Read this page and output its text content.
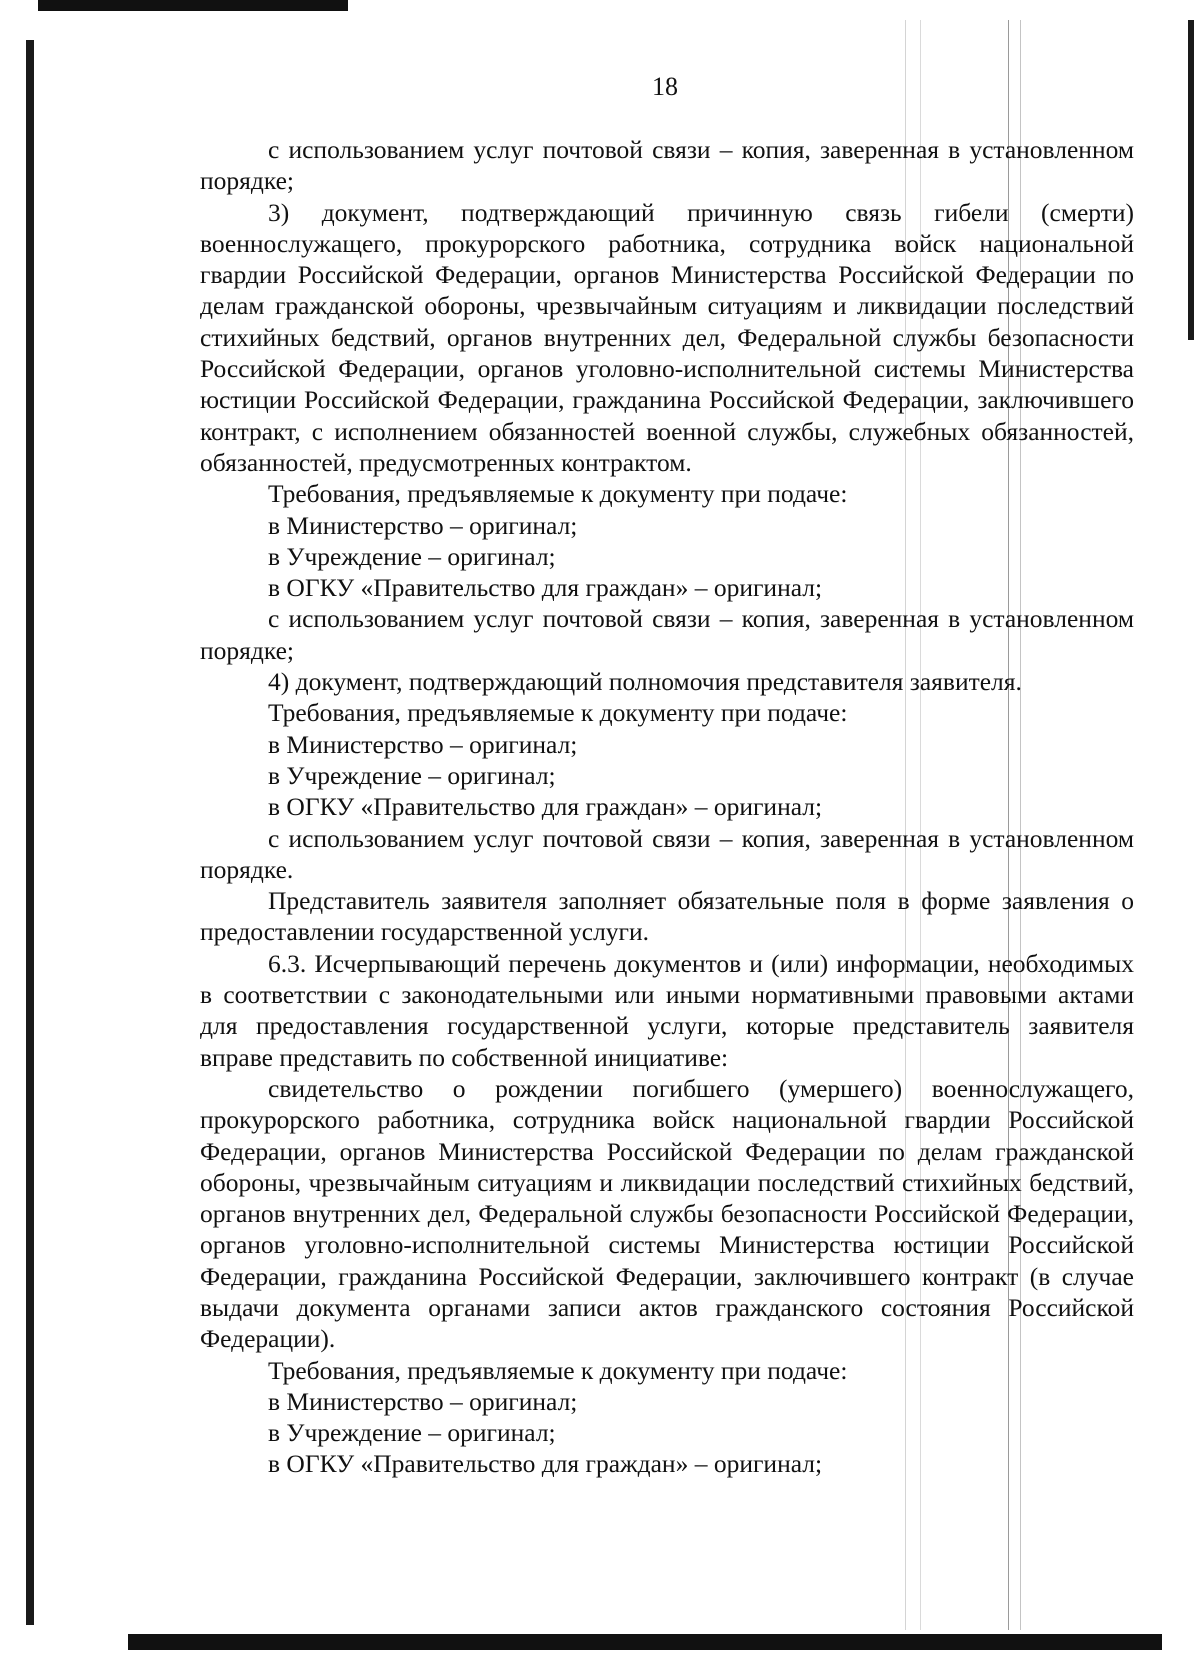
18

с использованием услуг почтовой связи – копия, заверенная в установленном порядке;

3) документ, подтверждающий причинную связь гибели (смерти) военнослужащего, прокурорского работника, сотрудника войск национальной гвардии Российской Федерации, органов Министерства Российской Федерации по делам гражданской обороны, чрезвычайным ситуациям и ликвидации последствий стихийных бедствий, органов внутренних дел, Федеральной службы безопасности Российской Федерации, органов уголовно-исполнительной системы Министерства юстиции Российской Федерации, гражданина Российской Федерации, заключившего контракт, с исполнением обязанностей военной службы, служебных обязанностей, обязанностей, предусмотренных контрактом.

Требования, предъявляемые к документу при подаче:

в Министерство – оригинал;

в Учреждение – оригинал;

в ОГКУ «Правительство для граждан» – оригинал;

с использованием услуг почтовой связи – копия, заверенная в установленном порядке;

4) документ, подтверждающий полномочия представителя заявителя.

Требования, предъявляемые к документу при подаче:

в Министерство – оригинал;

в Учреждение – оригинал;

в ОГКУ «Правительство для граждан» – оригинал;

с использованием услуг почтовой связи – копия, заверенная в установленном порядке.

Представитель заявителя заполняет обязательные поля в форме заявления о предоставлении государственной услуги.

6.3. Исчерпывающий перечень документов и (или) информации, необходимых в соответствии с законодательными или иными нормативными правовыми актами для предоставления государственной услуги, которые представитель заявителя вправе представить по собственной инициативе:

свидетельство о рождении погибшего (умершего) военнослужащего, прокурорского работника, сотрудника войск национальной гвардии Российской Федерации, органов Министерства Российской Федерации по делам гражданской обороны, чрезвычайным ситуациям и ликвидации последствий стихийных бедствий, органов внутренних дел, Федеральной службы безопасности Российской Федерации, органов уголовно-исполнительной системы Министерства юстиции Российской Федерации, гражданина Российской Федерации, заключившего контракт (в случае выдачи документа органами записи актов гражданского состояния Российской Федерации).

Требования, предъявляемые к документу при подаче:

в Министерство – оригинал;

в Учреждение – оригинал;

в ОГКУ «Правительство для граждан» – оригинал;
